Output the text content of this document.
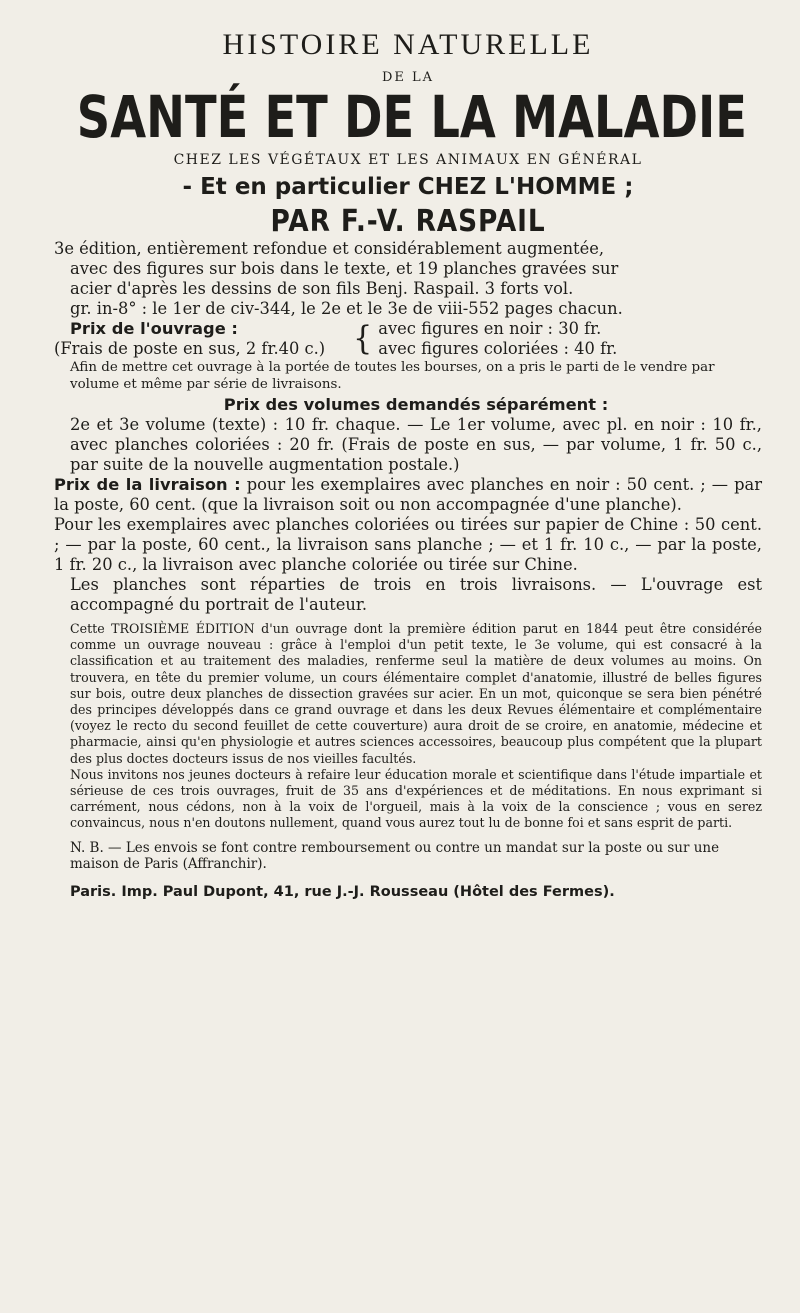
HISTOIRE NATURELLE
DE LA
SANTÉ ET DE LA MALADIE
CHEZ LES VÉGÉTAUX ET LES ANIMAUX EN GÉNÉRAL
- Et en particulier CHEZ L'HOMME ;
PAR F.-V. RASPAIL

3e édition, entièrement refondue et considérablement augmentée,

avec des figures sur bois dans le texte, et 19 planches gravées sur

acier d'après les dessins de son fils Benj. Raspail. 3 forts vol.

gr. in-8° : le 1er de civ-344, le 2e et le 3e de viii-552 pages chacun.

Prix de l'ouvrage :

(Frais de poste en sus, 2 fr.40 c.) { avec figures en noir : 30 fr.

avec figures coloriées : 40 fr.

Afin de mettre cet ouvrage à la portée de toutes les bourses, on a pris le parti de le vendre par volume et même par série de livraisons.

Prix des volumes demandés séparément :

2e et 3e volume (texte) : 10 fr. chaque. — Le 1er volume, avec pl. en noir : 10 fr., avec planches coloriées : 20 fr. (Frais de poste en sus, — par volume, 1 fr. 50 c., par suite de la nouvelle augmentation postale.)

Prix de la livraison : pour les exemplaires avec planches en noir : 50 cent. ; — par la poste, 60 cent. (que la livraison soit ou non accompagnée d'une planche).

Pour les exemplaires avec planches coloriées ou tirées sur papier de Chine : 50 cent. ; — par la poste, 60 cent., la livraison sans planche ; — et 1 fr. 10 c., — par la poste, 1 fr. 20 c., la livraison avec planche coloriée ou tirée sur Chine.

Les planches sont réparties de trois en trois livraisons. — L'ouvrage est accompagné du portrait de l'auteur.

Cette TROISIÈME ÉDITION d'un ouvrage dont la première édition parut en 1844 peut être considérée comme un ouvrage nouveau : grâce à l'emploi d'un petit texte, le 3e volume, qui est consacré à la classification et au traitement des maladies, renferme seul la matière de deux volumes au moins. On trouvera, en tête du premier volume, un cours élémentaire complet d'anatomie, illustré de belles figures sur bois, outre deux planches de dissection gravées sur acier. En un mot, quiconque se sera bien pénétré des principes développés dans ce grand ouvrage et dans les deux Revues élémentaire et complémentaire (voyez le recto du second feuillet de cette couverture) aura droit de se croire, en anatomie, médecine et pharmacie, ainsi qu'en physiologie et autres sciences accessoires, beaucoup plus compétent que la plupart des plus doctes docteurs issus de nos vieilles facultés.

Nous invitons nos jeunes docteurs à refaire leur éducation morale et scientifique dans l'étude impartiale et sérieuse de ces trois ouvrages, fruit de 35 ans d'expériences et de méditations. En nous exprimant si carrément, nous cédons, non à la voix de l'orgueil, mais à la voix de la conscience ; vous en serez convaincus, nous n'en doutons nullement, quand vous aurez tout lu de bonne foi et sans esprit de parti.

N. B. — Les envois se font contre remboursement ou contre un mandat sur la poste ou sur une maison de Paris (Affranchir).
Paris. Imp. Paul Dupont, 41, rue J.-J. Rousseau (Hôtel des Fermes).
